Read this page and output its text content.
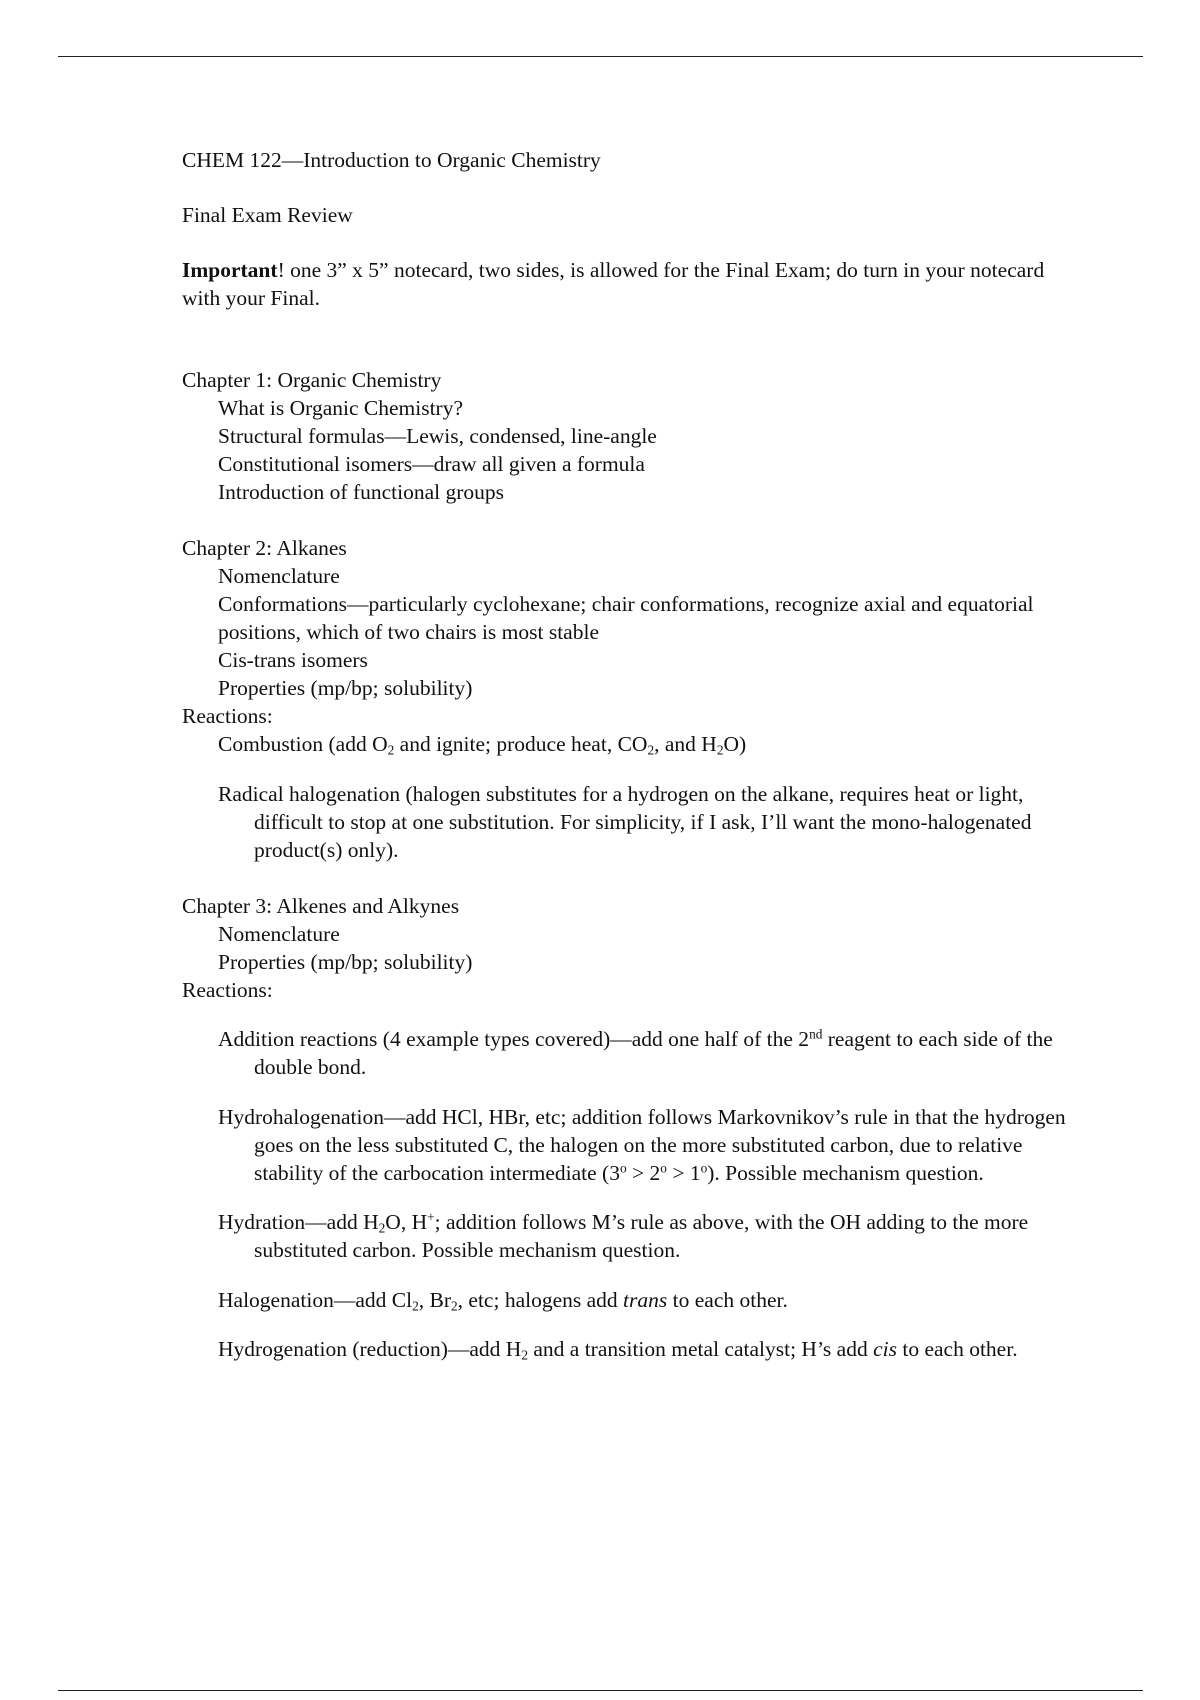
CHEM 122—Introduction to Organic Chemistry

Final Exam Review

Important! one 3” x 5” notecard, two sides, is allowed for the Final Exam; do turn in your notecard with your Final.

Chapter 1: Organic Chemistry

What is Organic Chemistry?

Structural formulas—Lewis, condensed, line-angle

Constitutional isomers—draw all given a formula

Introduction of functional groups

Chapter 2: Alkanes

Nomenclature

Conformations—particularly cyclohexane; chair conformations, recognize axial and equatorial positions, which of two chairs is most stable

Cis-trans isomers

Properties (mp/bp; solubility)

Reactions:

Combustion (add $O_2$ and ignite; produce heat, $CO_2$, and $H_2O$)

Radical halogenation (halogen substitutes for a hydrogen on the alkane, requires heat or light, difficult to stop at one substitution. For simplicity, if I ask, I’ll want the mono-halogenated product(s) only).

Chapter 3: Alkenes and Alkynes

Nomenclature

Properties (mp/bp; solubility)

Reactions:

Addition reactions (4 example types covered)—add one half of the 2nd reagent to each side of the double bond.

Hydrohalogenation—add HCl, HBr, etc; addition follows Markovnikov’s rule in that the hydrogen goes on the less substituted C, the halogen on the more substituted carbon, due to relative stability of the carbocation intermediate $(3^o > 2^o > 1^o)$. Possible mechanism question.

Hydration—add $H_2O$, H+; addition follows M’s rule as above, with the OH adding to the more substituted carbon. Possible mechanism question.

Halogenation—add $Cl_2$, $Br_2$, etc; halogens add trans to each other.

Hydrogenation (reduction)—add $H_2$ and a transition metal catalyst; H’s add cis to each other.
